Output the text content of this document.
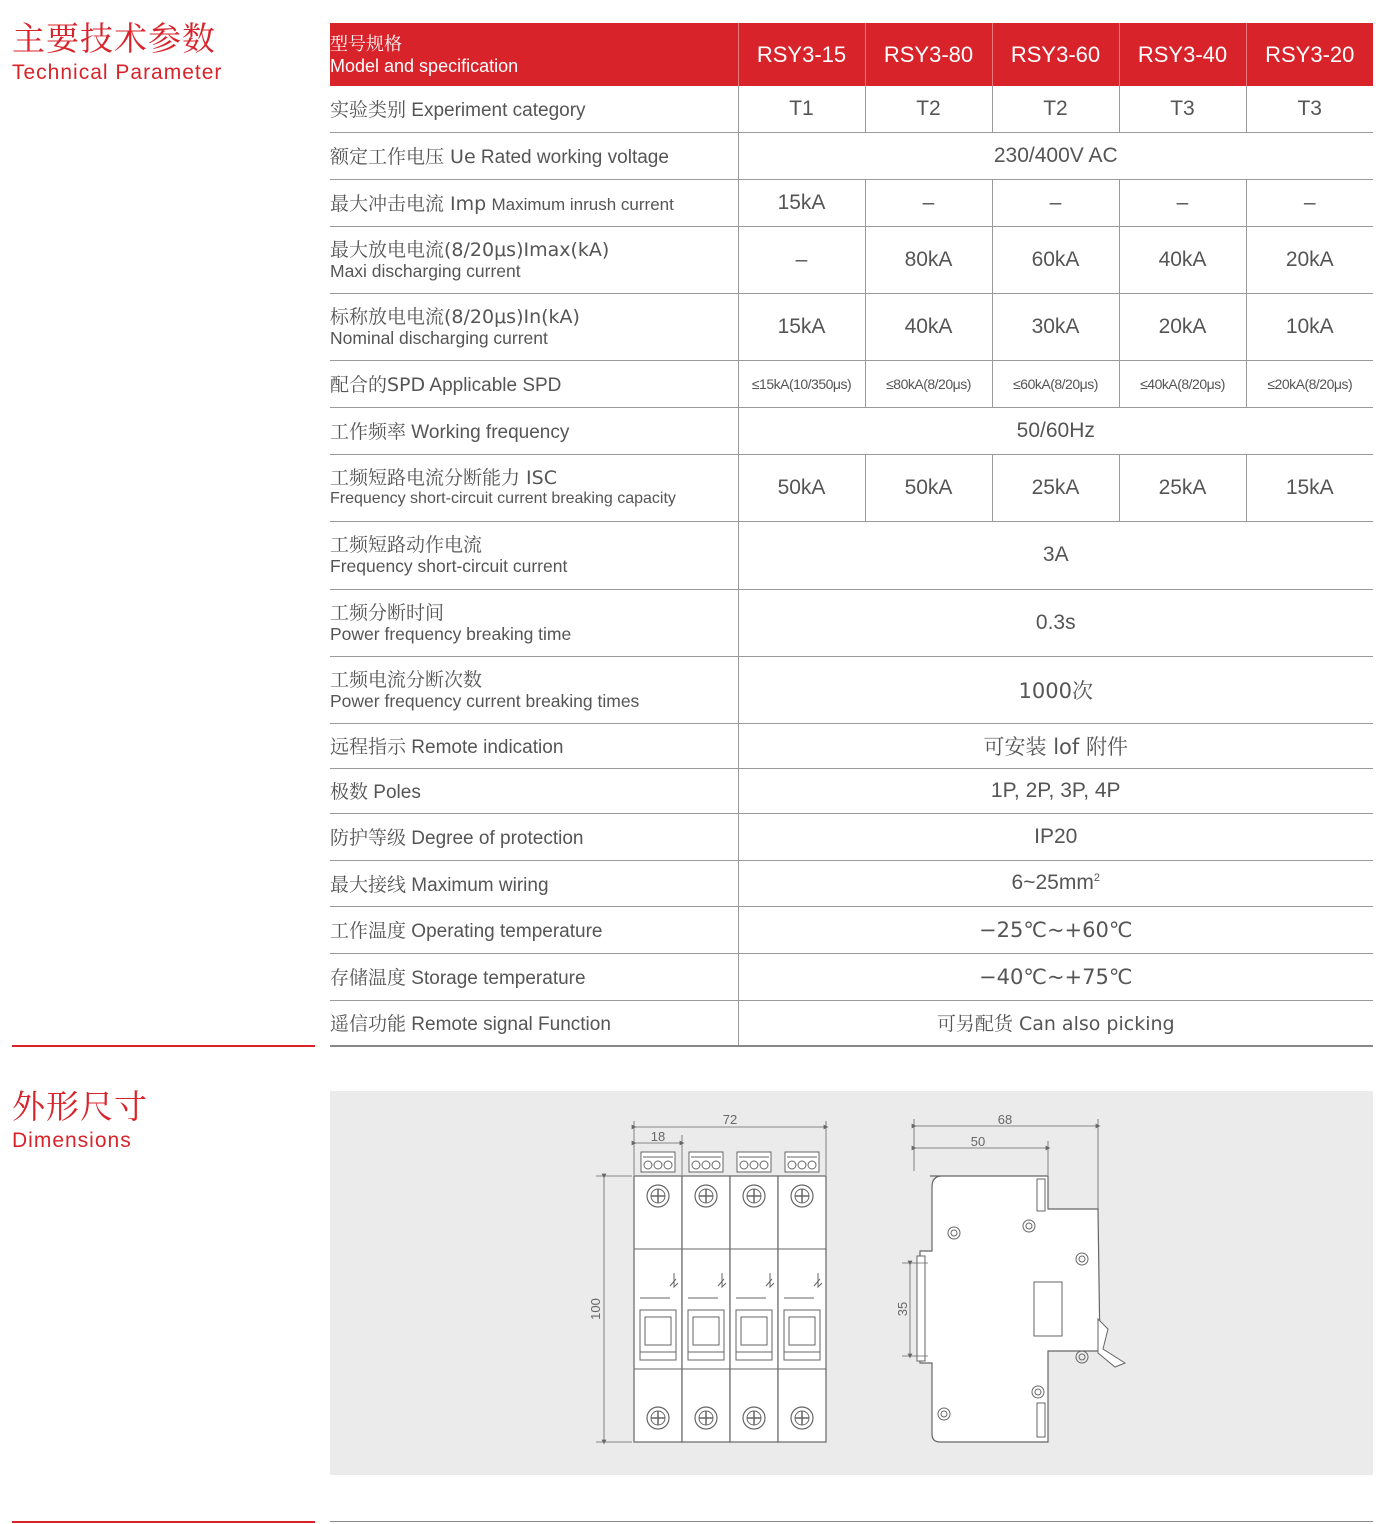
主要技术参数
Technical Parameter
型号规格
Model and specification	RSY3-15	RSY3-80	RSY3-60	RSY3-40	RSY3-20
实验类别 Experiment category	T1	T2	T2	T3	T3
额定工作电压 Ue Rated working voltage	230/400V AC				
最大冲击电流 Imp Maximum inrush current	15kA	–	–	–	–

最大放电电流(8/20μs)Imax(kA)
Maxi discharging current	–	80kA	60kA	40kA	20kA

标称放电电流(8/20μs)In(kA)
Nominal discharging current	15kA	40kA	30kA	20kA	10kA
配合的SPD Applicable SPD	≤15kA(10/350μs)	≤80kA(8/20μs)	≤60kA(8/20μs)	≤40kA(8/20μs)	≤20kA(8/20μs)
工作频率 Working frequency	50/60Hz				

工频短路电流分断能力 ISC
Frequency short-circuit current breaking capacity	50kA	50kA	25kA	25kA	15kA

工频短路动作电流
Frequency short-circuit current	3A				

工频分断时间
Power frequency breaking time	0.3s				

工频电流分断次数
Power frequency current breaking times	1000次				
远程指示 Remote indication	可安装 lof 附件				
极数 Poles	1P, 2P, 3P, 4P				
防护等级 Degree of protection	IP20				
最大接线 Maximum wiring	$6\sim 25mm^2$
工作温度 Operating temperature	−25℃~+60℃				
存储温度 Storage temperature	−40℃~+75℃				
遥信功能 Remote signal Function	可另配货 Can also picking				
外形尺寸
Dimensions
72
18
100
68
50
35
